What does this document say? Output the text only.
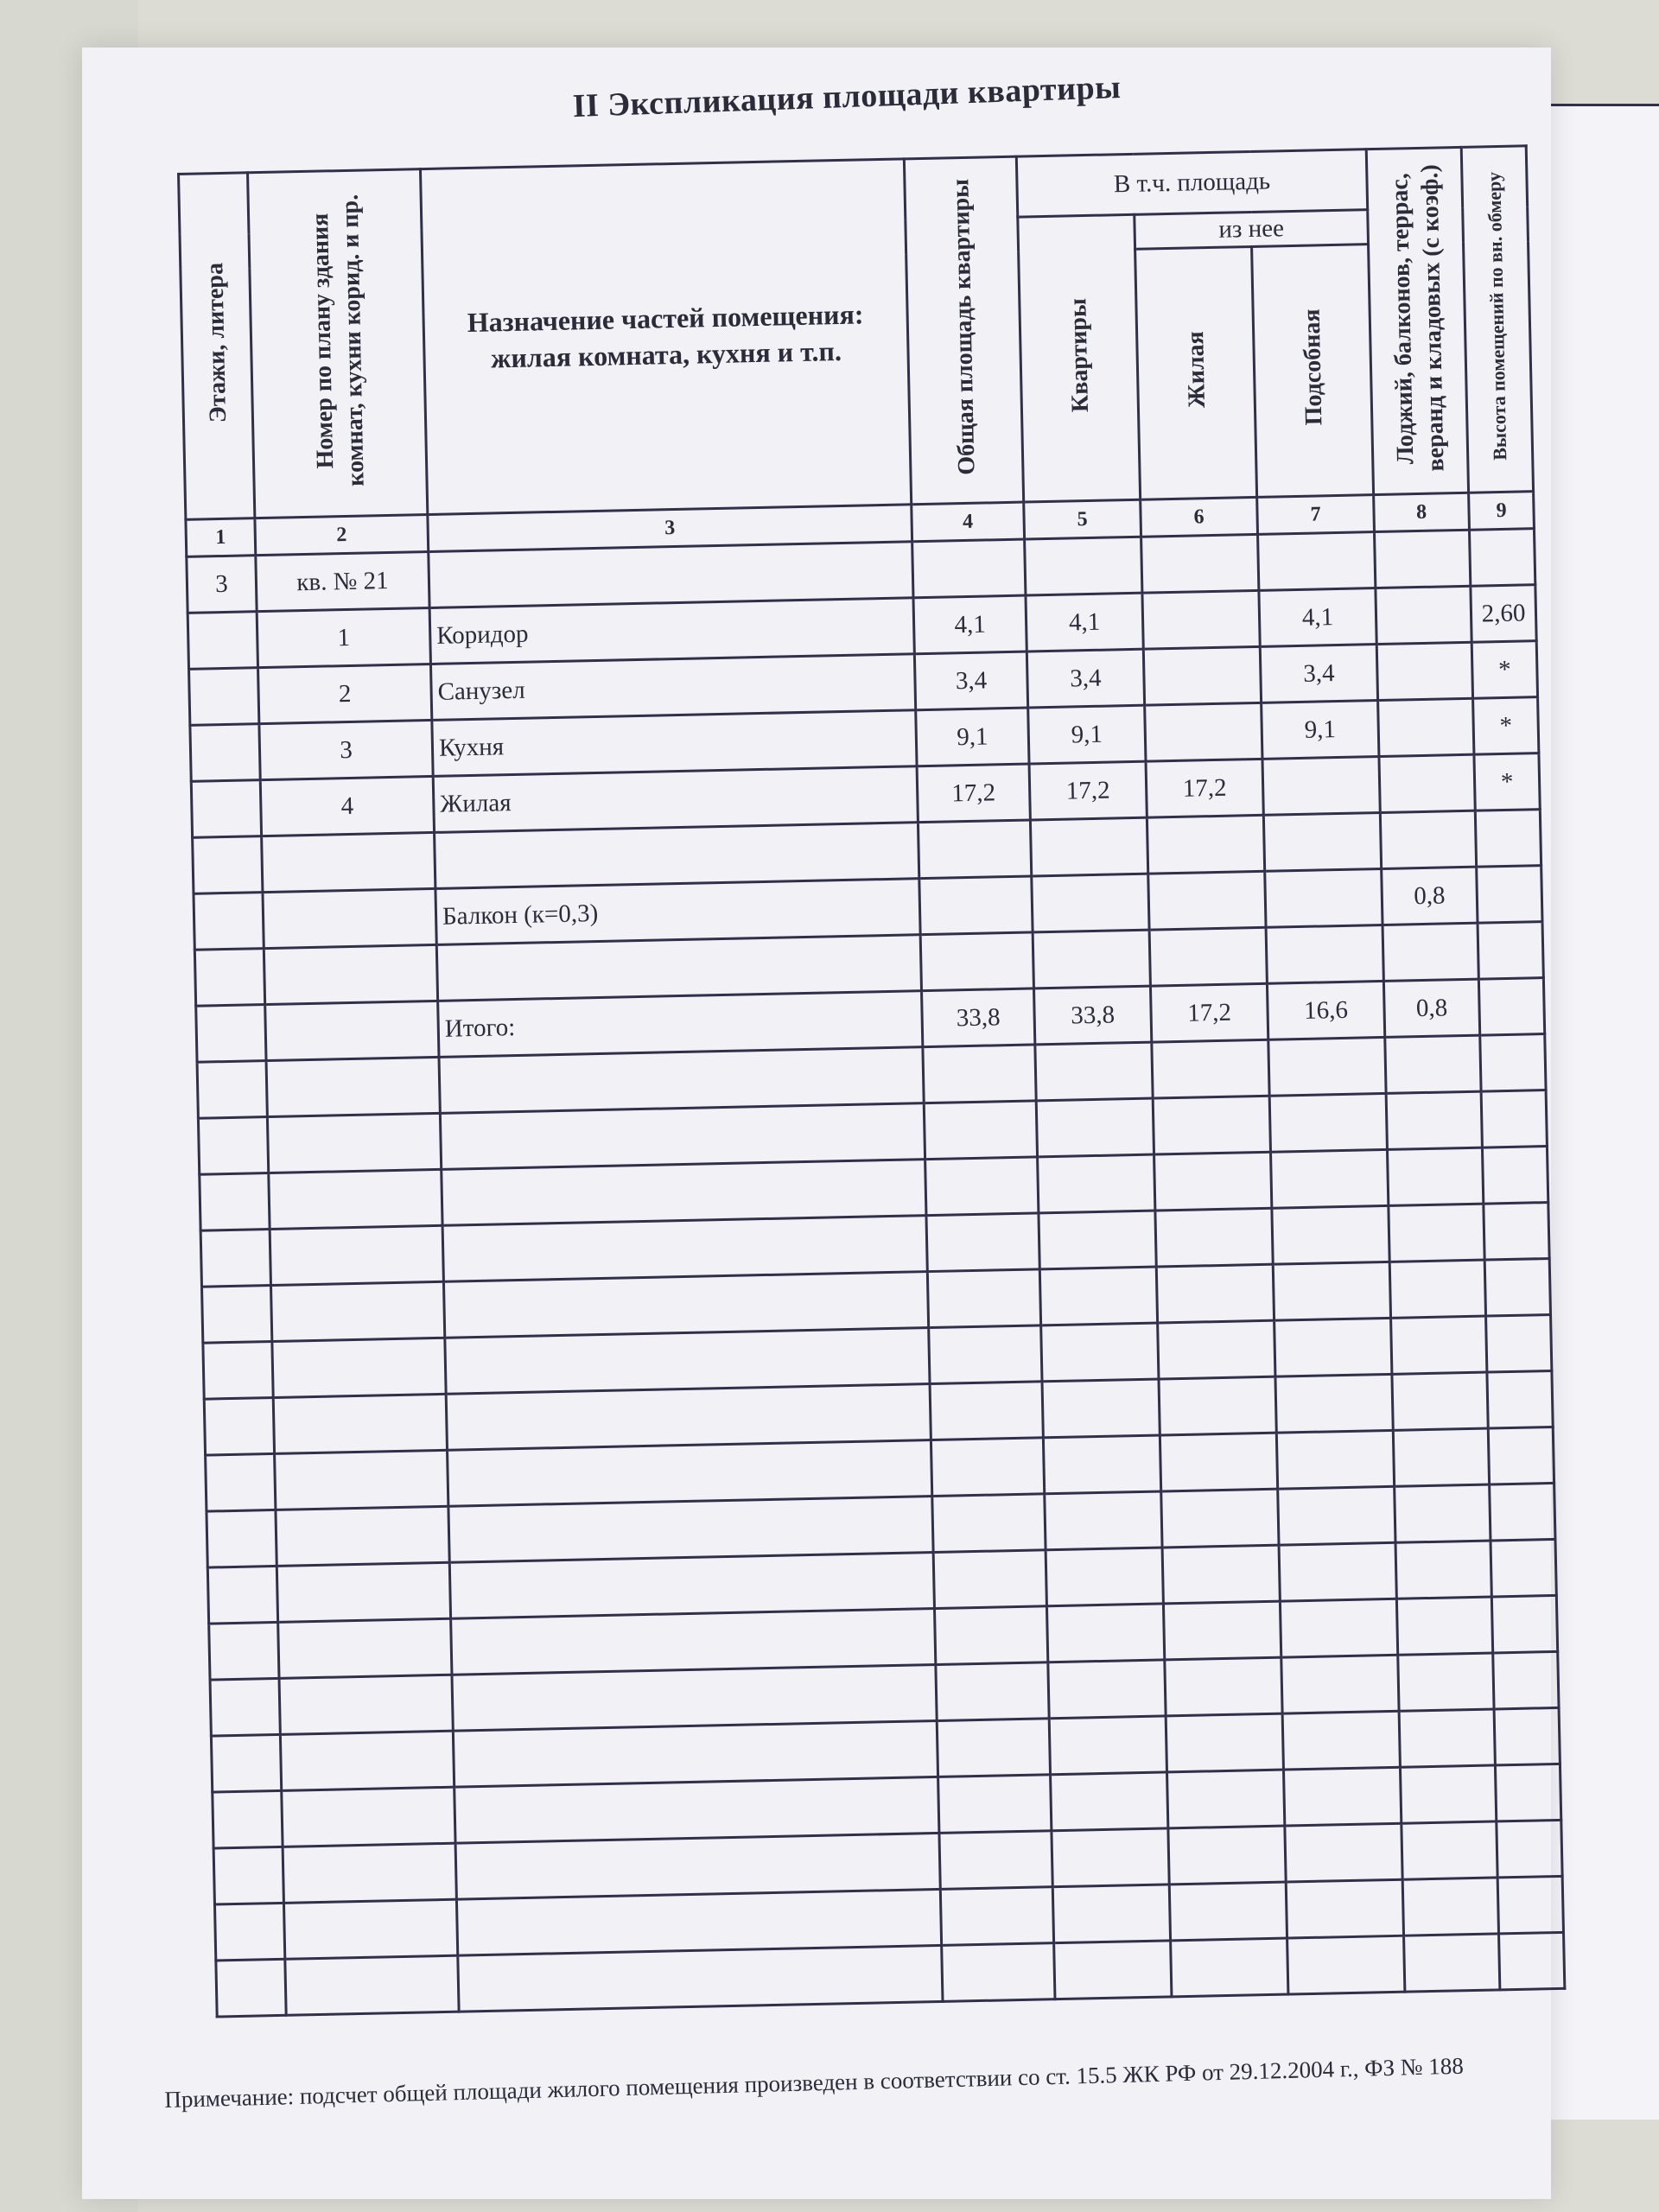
II Экспликация площади квартиры
Этажи, литера	Номер по плану здания комнат, кухни корид. и пр.	Назначение частей помещения: жилая комната, кухня и т.п.	Общая площадь квартиры	В т.ч. площадь			Лоджий, балконов, террас, веранд и кладовых (с коэф.)	Высота помещений по вн. обмеру
				Квартиры	из нее			
					Жилая	Подсобная		
1	2	3	4	5	6	7	8	9
3	кв. № 21							
	1	Коридор	4,1	4,1		4,1		2,60
	2	Санузел	3,4	3,4		3,4		*
	3	Кухня	9,1	9,1		9,1		*
	4	Жилая	17,2	17,2	17,2			*

		Балкон (к=0,3)					0,8	

		Итого:	33,8	33,8	17,2	16,6	0,8	

Примечание: подсчет общей площади жилого помещения произведен в соответствии со ст. 15.5 ЖК РФ от 29.12.2004 г., ФЗ № 188
